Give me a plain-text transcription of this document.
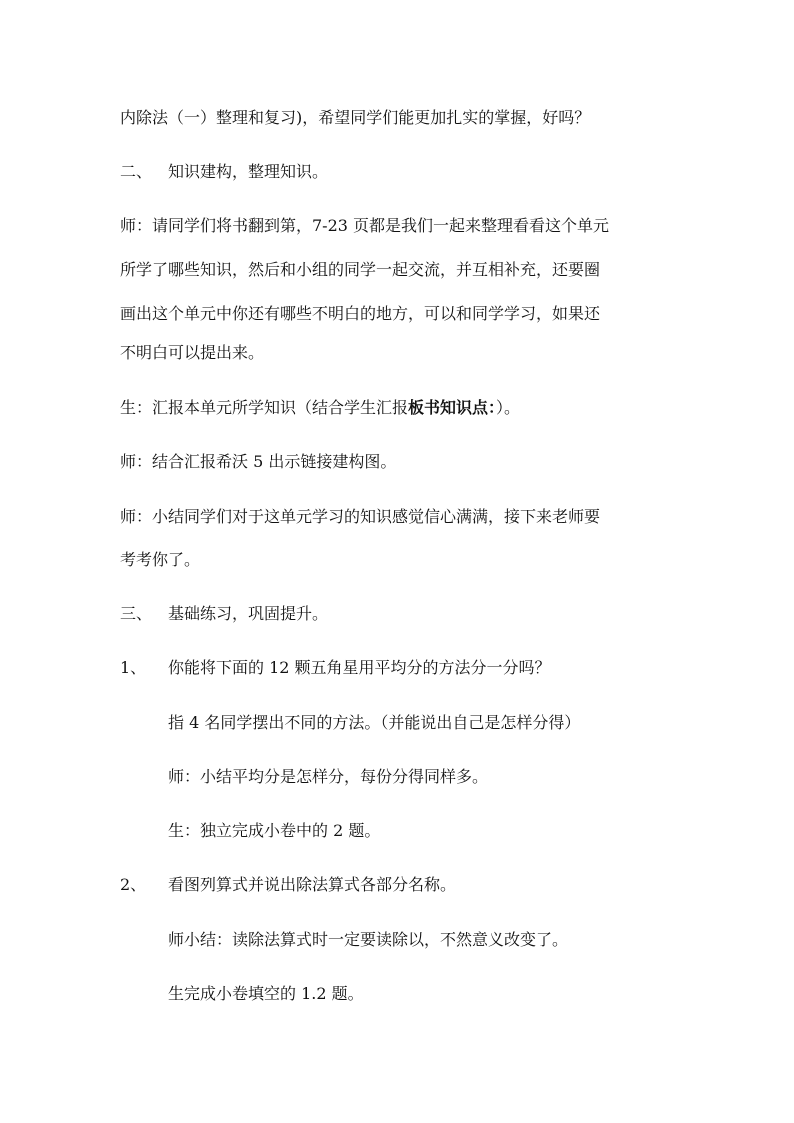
内除法（一）整理和复习)，希望同学们能更加扎实的掌握，好吗？
二、 知识建构，整理知识。
师：请同学们将书翻到第，7-23 页都是我们一起来整理看看这个单元
所学了哪些知识，然后和小组的同学一起交流，并互相补充，还要圈
画出这个单元中你还有哪些不明白的地方，可以和同学学习，如果还
不明白可以提出来。
生：汇报本单元所学知识（结合学生汇报板书知识点：）。
师：结合汇报希沃 5 出示链接建构图。
师：小结同学们对于这单元学习的知识感觉信心满满，接下来老师要
考考你了。
三、 基础练习，巩固提升。
1、 你能将下面的 12 颗五角星用平均分的方法分一分吗？
指 4 名同学摆出不同的方法。（并能说出自己是怎样分得）
师：小结平均分是怎样分，每份分得同样多。
生：独立完成小卷中的 2 题。
2、 看图列算式并说出除法算式各部分名称。
师小结：读除法算式时一定要读除以，不然意义改变了。
生完成小卷填空的 1.2 题。
